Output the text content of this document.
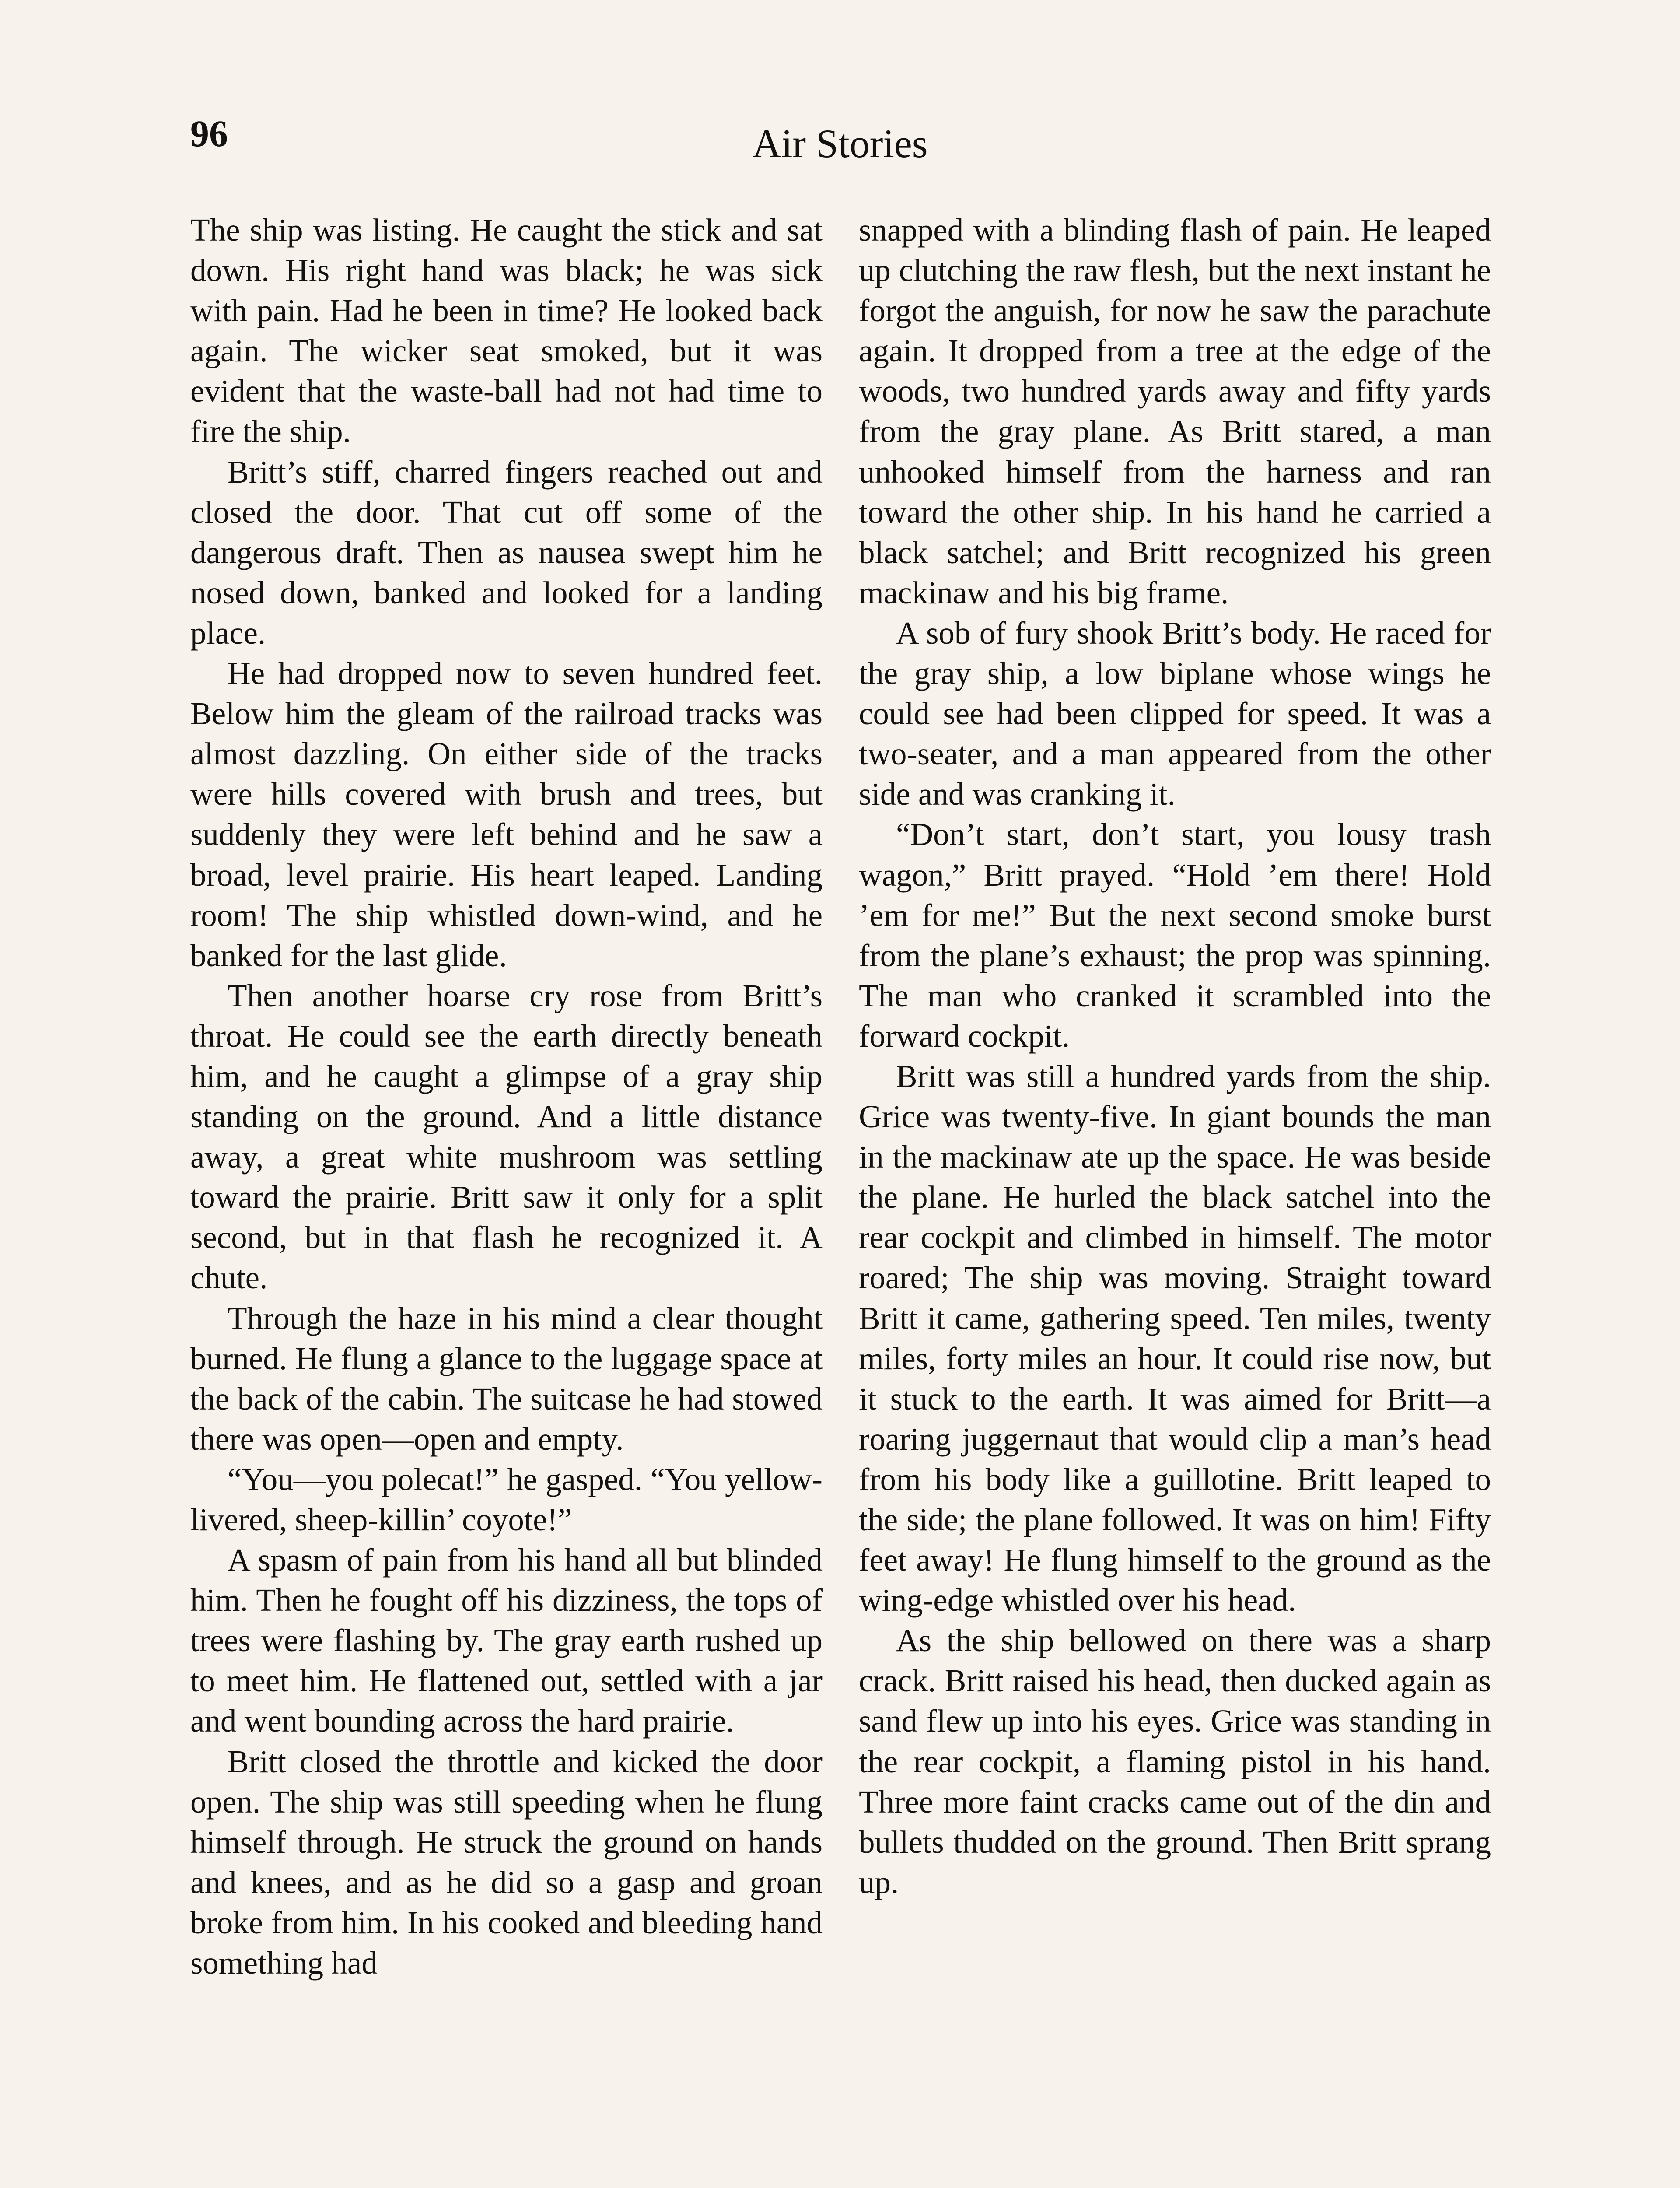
96	Air Stories

The ship was listing. He caught the stick and sat down. His right hand was black; he was sick with pain. Had he been in time? He looked back again. The wicker seat smoked, but it was evident that the waste-ball had not had time to fire the ship.

Britt’s stiff, charred fingers reached out and closed the door. That cut off some of the dangerous draft. Then as nausea swept him he nosed down, banked and looked for a landing place.

He had dropped now to seven hundred feet. Below him the gleam of the railroad tracks was almost dazzling. On either side of the tracks were hills covered with brush and trees, but suddenly they were left behind and he saw a broad, level prairie. His heart leaped. Landing room! The ship whistled down-wind, and he banked for the last glide.

Then another hoarse cry rose from Britt’s throat. He could see the earth directly beneath him, and he caught a glimpse of a gray ship standing on the ground. And a little distance away, a great white mushroom was settling toward the prairie. Britt saw it only for a split second, but in that flash he recognized it. A chute.

Through the haze in his mind a clear thought burned. He flung a glance to the luggage space at the back of the cabin. The suitcase he had stowed there was open—open and empty.

“You—you polecat!” he gasped. “You yellow-livered, sheep-killin’ coyote!”

A spasm of pain from his hand all but blinded him. Then he fought off his dizziness, the tops of trees were flashing by. The gray earth rushed up to meet him. He flattened out, settled with a jar and went bounding across the hard prairie.

Britt closed the throttle and kicked the door open. The ship was still speeding when he flung himself through. He struck the ground on hands and knees, and as he did so a gasp and groan broke from him. In his cooked and bleeding hand something had

snapped with a blinding flash of pain. He leaped up clutching the raw flesh, but the next instant he forgot the anguish, for now he saw the parachute again. It dropped from a tree at the edge of the woods, two hundred yards away and fifty yards from the gray plane. As Britt stared, a man unhooked himself from the harness and ran toward the other ship. In his hand he carried a black satchel; and Britt recognized his green mackinaw and his big frame.

A sob of fury shook Britt’s body. He raced for the gray ship, a low biplane whose wings he could see had been clipped for speed. It was a two-seater, and a man appeared from the other side and was cranking it.

“Don’t start, don’t start, you lousy trash wagon,” Britt prayed. “Hold ’em there! Hold ’em for me!” But the next second smoke burst from the plane’s exhaust; the prop was spinning. The man who cranked it scrambled into the forward cockpit.

Britt was still a hundred yards from the ship. Grice was twenty-five. In giant bounds the man in the mackinaw ate up the space. He was beside the plane. He hurled the black satchel into the rear cockpit and climbed in himself. The motor roared; The ship was moving. Straight toward Britt it came, gathering speed. Ten miles, twenty miles, forty miles an hour. It could rise now, but it stuck to the earth. It was aimed for Britt—a roaring juggernaut that would clip a man’s head from his body like a guillotine. Britt leaped to the side; the plane followed. It was on him! Fifty feet away! He flung himself to the ground as the wing-edge whistled over his head.

As the ship bellowed on there was a sharp crack. Britt raised his head, then ducked again as sand flew up into his eyes. Grice was standing in the rear cockpit, a flaming pistol in his hand. Three more faint cracks came out of the din and bullets thudded on the ground. Then Britt sprang up.
